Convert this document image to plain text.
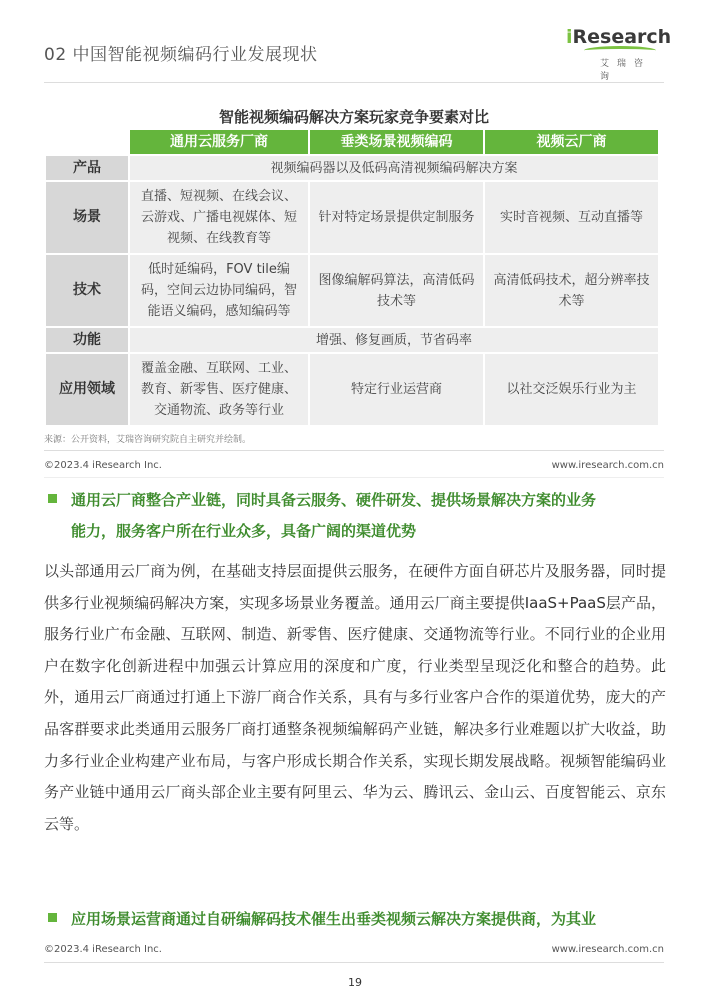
02 中国智能视频编码行业发展现状
iResearch
艾瑞咨询
智能视频编码解决方案玩家竞争要素对比
	通用云服务厂商	垂类场景视频编码	视频云厂商
产品	视频编码器以及低码高清视频编码解决方案		
场景	直播、短视频、在线会议、云游戏、广播电视媒体、短视频、在线教育等	针对特定场景提供定制服务	实时音视频、互动直播等
技术	低时延编码，FOV tile编码，空间云边协同编码，智能语义编码，感知编码等	图像编解码算法，高清低码技术等	高清低码技术，超分辨率技术等
功能	增强、修复画质，节省码率		
应用领域	覆盖金融、互联网、工业、教育、新零售、医疗健康、交通物流、政务等行业	特定行业运营商	以社交泛娱乐行业为主
来源：公开资料，艾瑞咨询研究院自主研究并绘制。
©2023.4 iResearch Inc.	www.iresearch.com.cn
通用云厂商整合产业链，同时具备云服务、硬件研发、提供场景解决方案的业务
能力，服务客户所在行业众多，具备广阔的渠道优势
以头部通用云厂商为例，在基础支持层面提供云服务，在硬件方面自研芯片及服务器，同时提供多行业视频编码解决方案，实现多场景业务覆盖。通用云厂商主要提供IaaS+PaaS层产品，服务行业广布金融、互联网、制造、新零售、医疗健康、交通物流等行业。不同行业的企业用户在数字化创新进程中加强云计算应用的深度和广度，行业类型呈现泛化和整合的趋势。此外，通用云厂商通过打通上下游厂商合作关系，具有与多行业客户合作的渠道优势，庞大的产品客群要求此类通用云服务厂商打通整条视频编解码产业链，解决多行业难题以扩大收益，助力多行业企业构建产业布局，与客户形成长期合作关系，实现长期发展战略。视频智能编码业务产业链中通用云厂商头部企业主要有阿里云、华为云、腾讯云、金山云、百度智能云、京东云等。
应用场景运营商通过自研编解码技术催生出垂类视频云解决方案提供商，为其业
©2023.4 iResearch Inc.	www.iresearch.com.cn
19
